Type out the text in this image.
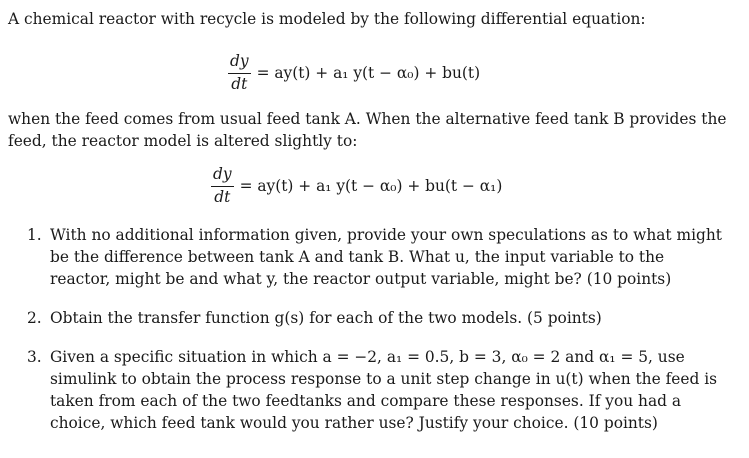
A chemical reactor with recycle is modeled by the following differential equation:

$\frac{dy}{dt} = ay(t) + a_1$ y(t − α₀) + bu(t)

when the feed comes from usual feed tank A. When the alternative feed tank B provides the feed, the reactor model is altered slightly to:

$\frac{dy}{dt} = ay(t) + a_1$ y(t − α₀) + bu(t − α₁)
1. With no additional information given, provide your own speculations as to what might be the difference between tank A and tank B. What u, the input variable to the reactor, might be and what y, the reactor output variable, might be? (10 points)
2. Obtain the transfer function g(s) for each of the two models. (5 points)
3. Given a specific situation in which a = −2, a₁ = 0.5, b = 3, α₀ = 2 and α₁ = 5, use simulink to obtain the process response to a unit step change in u(t) when the feed is taken from each of the two feedtanks and compare these responses. If you had a choice, which feed tank would you rather use? Justify your choice. (10 points)
